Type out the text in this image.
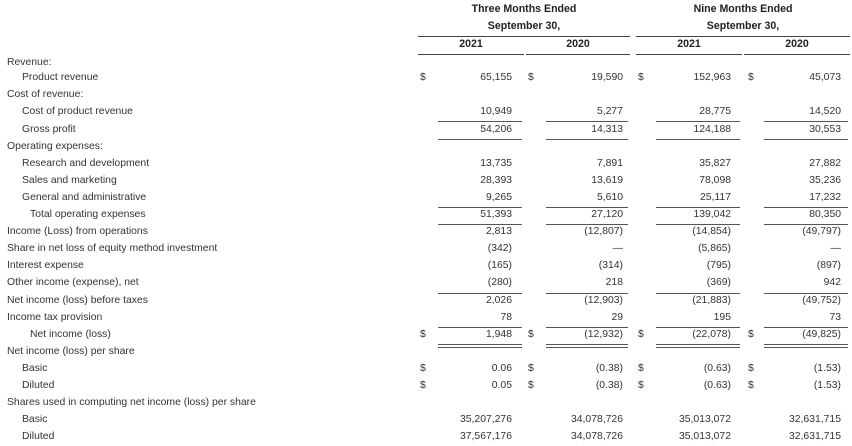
Three Months Ended
September 30,
Nine Months Ended
September 30,
2021	2020	2021	2020
Revenue:
Product revenue	$	65,155 $	19,590 $	152,963 $	45,073
Cost of revenue:
Cost of product revenue	10,949	5,277	28,775	14,520
Gross profit	54,206	14,313	124,188	30,553
Operating expenses:
Research and development	13,735	7,891	35,827	27,882
Sales and marketing	28,393	13,619	78,098	35,236
General and administrative	9,265	5,610	25,117	17,232
Total operating expenses	51,393	27,120	139,042	80,350
Income (Loss) from operations	2,813	(12,807)	(14,854)	(49,797)
Share in net loss of equity method investment	(342)	—	(5,865)	—
Interest expense	(165)	(314)	(795)	(897)
Other income (expense), net	(280)	218	(369)	942
Net income (loss) before taxes	2,026	(12,903)	(21,883)	(49,752)
Income tax provision	78	29	195	73
Net income (loss)	$	1,948 $	(12,932) $	(22,078) $	(49,825)
Net income (loss) per share
Basic	$	0.06 $	(0.38) $	(0.63) $	(1.53)
Diluted	$	0.05 $	(0.38) $	(0.63) $	(1.53)
Shares used in computing net income (loss) per share
Basic	35,207,276	34,078,726	35,013,072	32,631,715
Diluted	37,567,176	34,078,726	35,013,072	32,631,715
